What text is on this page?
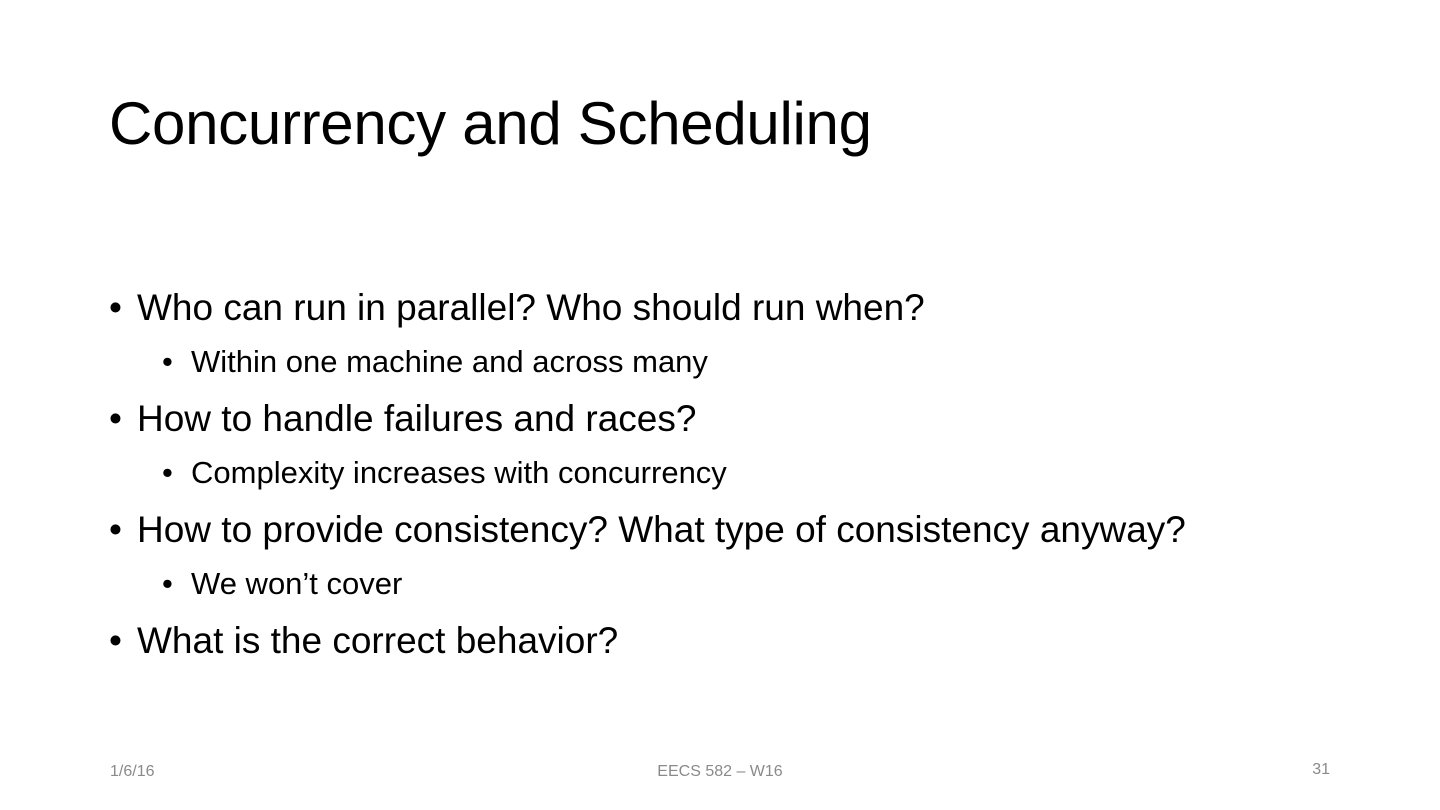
Concurrency and Scheduling
• Who can run in parallel? Who should run when?
• Within one machine and across many
• How to handle failures and races?
• Complexity increases with concurrency
• How to provide consistency? What type of consistency anyway?
• We won’t cover
• What is the correct behavior?
1/6/16	EECS 582 – W16	31
